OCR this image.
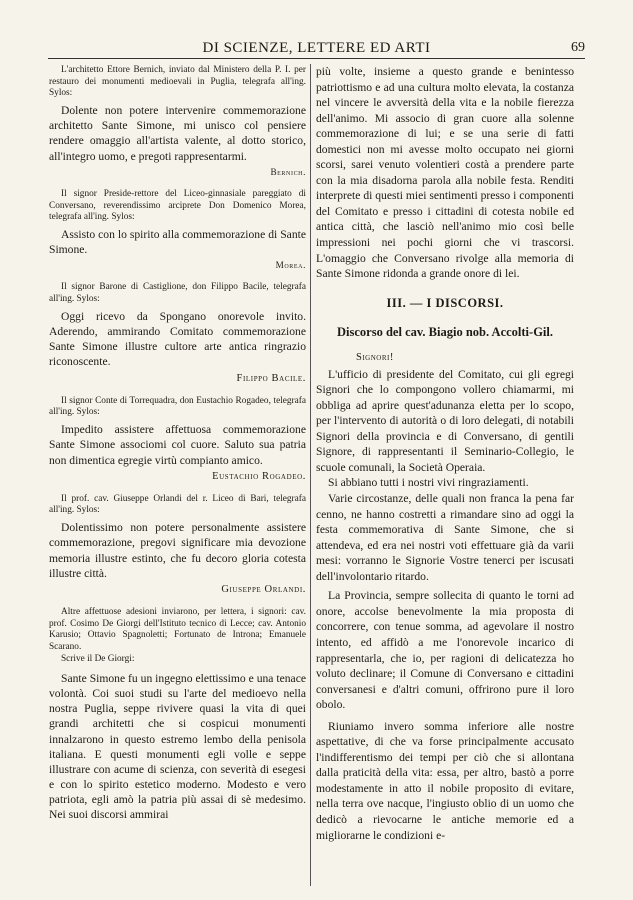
DI SCIENZE, LETTERE ED ARTI	69

L'architetto Ettore Bernich, inviato dal Ministero della P. I. per restauro dei monumenti medioevali in Puglia, telegrafa all'ing. Sylos:

Dolente non potere intervenire commemorazione architetto Sante Simone, mi unisco col pensiere rendere omaggio all'artista valente, al dotto storico, all'integro uomo, e pregoti rappresentarmi.

Bernich.

Il signor Preside-rettore del Liceo-ginnasiale pareggiato di Conversano, reverendissimo arciprete Don Domenico Morea, telegrafa all'ing. Sylos:

Assisto con lo spirito alla commemorazione di Sante Simone.

Morea.

Il signor Barone di Castiglione, don Filippo Bacile, telegrafa all'ing. Sylos:

Oggi ricevo da Spongano onorevole invito. Aderendo, ammirando Comitato commemorazione Sante Simone illustre cultore arte antica ringrazio riconoscente.

Filippo Bacile.

Il signor Conte di Torrequadra, don Eustachio Rogadeo, telegrafa all'ing. Sylos:

Impedito assistere affettuosa commemorazione Sante Simone associomi col cuore. Saluto sua patria non dimentica egregie virtù compianto amico.

Eustachio Rogadeo.

Il prof. cav. Giuseppe Orlandi del r. Liceo di Bari, telegrafa all'ing. Sylos:

Dolentissimo non potere personalmente assistere commemorazione, pregovi significare mia devozione memoria illustre estinto, che fu decoro gloria cotesta illustre città.

Giuseppe Orlandi.

Altre affettuose adesioni inviarono, per lettera, i signori: cav. prof. Cosimo De Giorgi dell'Istituto tecnico di Lecce; cav. Antonio Karusio; Ottavio Spagnoletti; Fortunato de Introna; Emanuele Scarano.

Scrive il De Giorgi:

Sante Simone fu un ingegno elettissimo e una tenace volontà. Coi suoi studi su l'arte del medioevo nella nostra Puglia, seppe rivivere quasi la vita di quei grandi architetti che si cospicui monumenti innalzarono in questo estremo lembo della penisola italiana. E questi monumenti egli volle e seppe illustrare con acume di scienza, con severità di esegesi e con lo spirito estetico moderno. Modesto e vero patriota, egli amò la patria più assai di sè medesimo. Nei suoi discorsi ammirai

più volte, insieme a questo grande e benintesso patriottismo e ad una cultura molto elevata, la costanza nel vincere le avversità della vita e la nobile fierezza dell'animo. Mi associo di gran cuore alla solenne commemorazione di lui; e se una serie di fatti domestici non mi avesse molto occupato nei giorni scorsi, sarei venuto volentieri costà a prendere parte con la mia disadorna parola alla nobile festa. Renditi interprete di questi miei sentimenti presso i componenti del Comitato e presso i cittadini di cotesta nobile ed antica città, che lasciò nell'animo mio così belle impressioni nei pochi giorni che vi trascorsi. L'omaggio che Conversano rivolge alla memoria di Sante Simone ridonda a grande onore di lei.

III. — I DISCORSI.
Discorso del cav. Biagio nob. Accolti-Gil.
Signori!

L'ufficio di presidente del Comitato, cui gli egregi Signori che lo compongono vollero chiamarmi, mi obbliga ad aprire quest'adunanza eletta per lo scopo, per l'intervento di autorità o di loro delegati, di notabili Signori della provincia e di Conversano, di gentili Signore, di rappresentanti il Seminario-Collegio, le scuole comunali, la Società Operaia.

Si abbiano tutti i nostri vivi ringraziamenti.

Varie circostanze, delle quali non franca la pena far cenno, ne hanno costretti a rimandare sino ad oggi la festa commemorativa di Sante Simone, che si attendeva, ed era nei nostri voti effettuare già da varii mesi: vorranno le Signorie Vostre tenerci per iscusati dell'involontario ritardo.

La Provincia, sempre sollecita di quanto le torni ad onore, accolse benevolmente la mia proposta di concorrere, con tenue somma, ad agevolare il nostro intento, ed affidò a me l'onorevole incarico di rappresentarla, che io, per ragioni di delicatezza ho voluto declinare; il Comune di Conversano e cittadini conversanesi e d'altri comuni, offrirono pure il loro obolo.

Riuniamo invero somma inferiore alle nostre aspettative, di che va forse principalmente accusato l'indifferentismo dei tempi per ciò che si allontana dalla praticità della vita: essa, per altro, bastò a porre modestamente in atto il nobile proposito di evitare, nella terra ove nacque, l'ingiusto oblio di un uomo che dedicò a rievocarne le antiche memorie ed a migliorarne le condizioni e-
